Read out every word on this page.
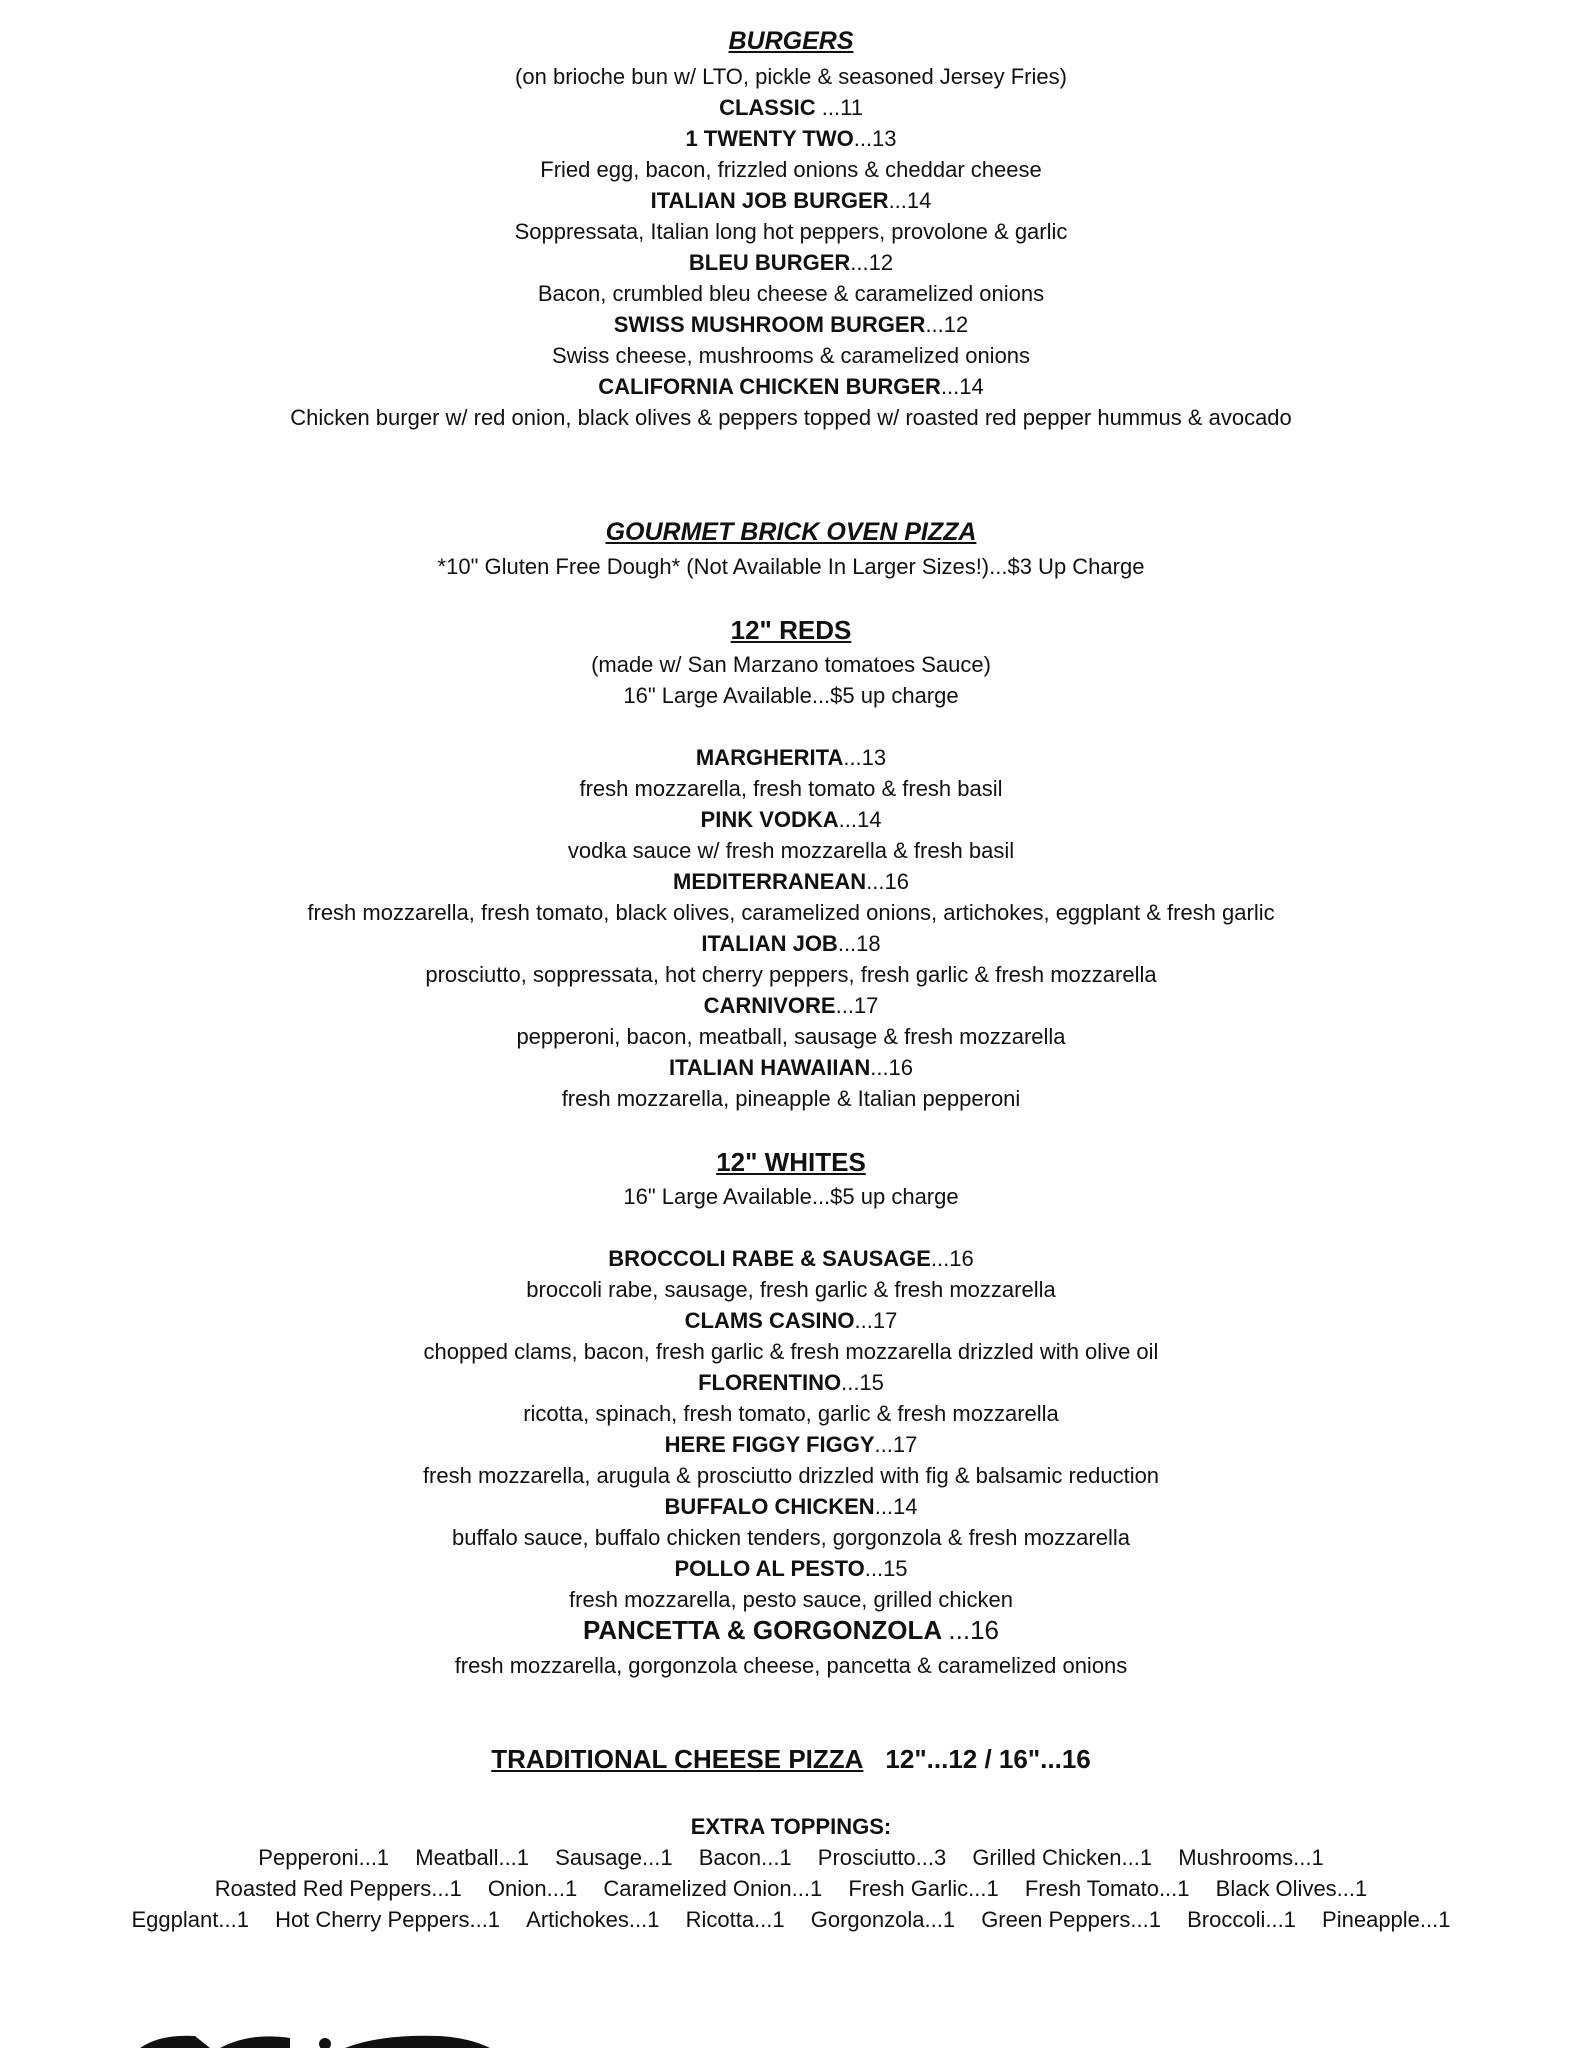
BURGERS
(on brioche bun w/ LTO, pickle & seasoned Jersey Fries)
CLASSIC ...11
1 TWENTY TWO...13
Fried egg, bacon, frizzled onions & cheddar cheese
ITALIAN JOB BURGER...14
Soppressata, Italian long hot peppers, provolone & garlic
BLEU BURGER...12
Bacon, crumbled bleu cheese & caramelized onions
SWISS MUSHROOM BURGER...12
Swiss cheese, mushrooms & caramelized onions
CALIFORNIA CHICKEN BURGER...14
Chicken burger w/ red onion, black olives & peppers topped w/ roasted red pepper hummus & avocado
GOURMET BRICK OVEN PIZZA
*10" Gluten Free Dough* (Not Available In Larger Sizes!)...$3 Up Charge
12" REDS
(made w/ San Marzano tomatoes Sauce)
16" Large Available...$5 up charge
MARGHERITA...13
fresh mozzarella, fresh tomato & fresh basil
PINK VODKA...14
vodka sauce w/ fresh mozzarella & fresh basil
MEDITERRANEAN...16
fresh mozzarella, fresh tomato, black olives, caramelized onions, artichokes, eggplant & fresh garlic
ITALIAN JOB...18
prosciutto, soppressata, hot cherry peppers, fresh garlic & fresh mozzarella
CARNIVORE...17
pepperoni, bacon, meatball, sausage & fresh mozzarella
ITALIAN HAWAIIAN...16
fresh mozzarella, pineapple & Italian pepperoni
12" WHITES
16" Large Available...$5 up charge
BROCCOLI RABE & SAUSAGE...16
broccoli rabe, sausage, fresh garlic & fresh mozzarella
CLAMS CASINO...17
chopped clams, bacon, fresh garlic & fresh mozzarella drizzled with olive oil
FLORENTINO...15
ricotta, spinach, fresh tomato, garlic & fresh mozzarella
HERE FIGGY FIGGY...17
fresh mozzarella, arugula & prosciutto drizzled with fig & balsamic reduction
BUFFALO CHICKEN...14
buffalo sauce, buffalo chicken tenders, gorgonzola & fresh mozzarella
POLLO AL PESTO...15
fresh mozzarella, pesto sauce, grilled chicken
PANCETTA & GORGONZOLA ...16
fresh mozzarella, gorgonzola cheese, pancetta & caramelized onions
TRADITIONAL CHEESE PIZZA 12"...12 / 16"...16
EXTRA TOPPINGS:
Pepperoni...1 Meatball...1 Sausage...1 Bacon...1 Prosciutto...3 Grilled Chicken...1 Mushrooms...1
Roasted Red Peppers...1 Onion...1 Caramelized Onion...1 Fresh Garlic...1 Fresh Tomato...1 Black Olives...1
Eggplant...1 Hot Cherry Peppers...1 Artichokes...1 Ricotta...1 Gorgonzola...1 Green Peppers...1 Broccoli...1 Pineapple...1
